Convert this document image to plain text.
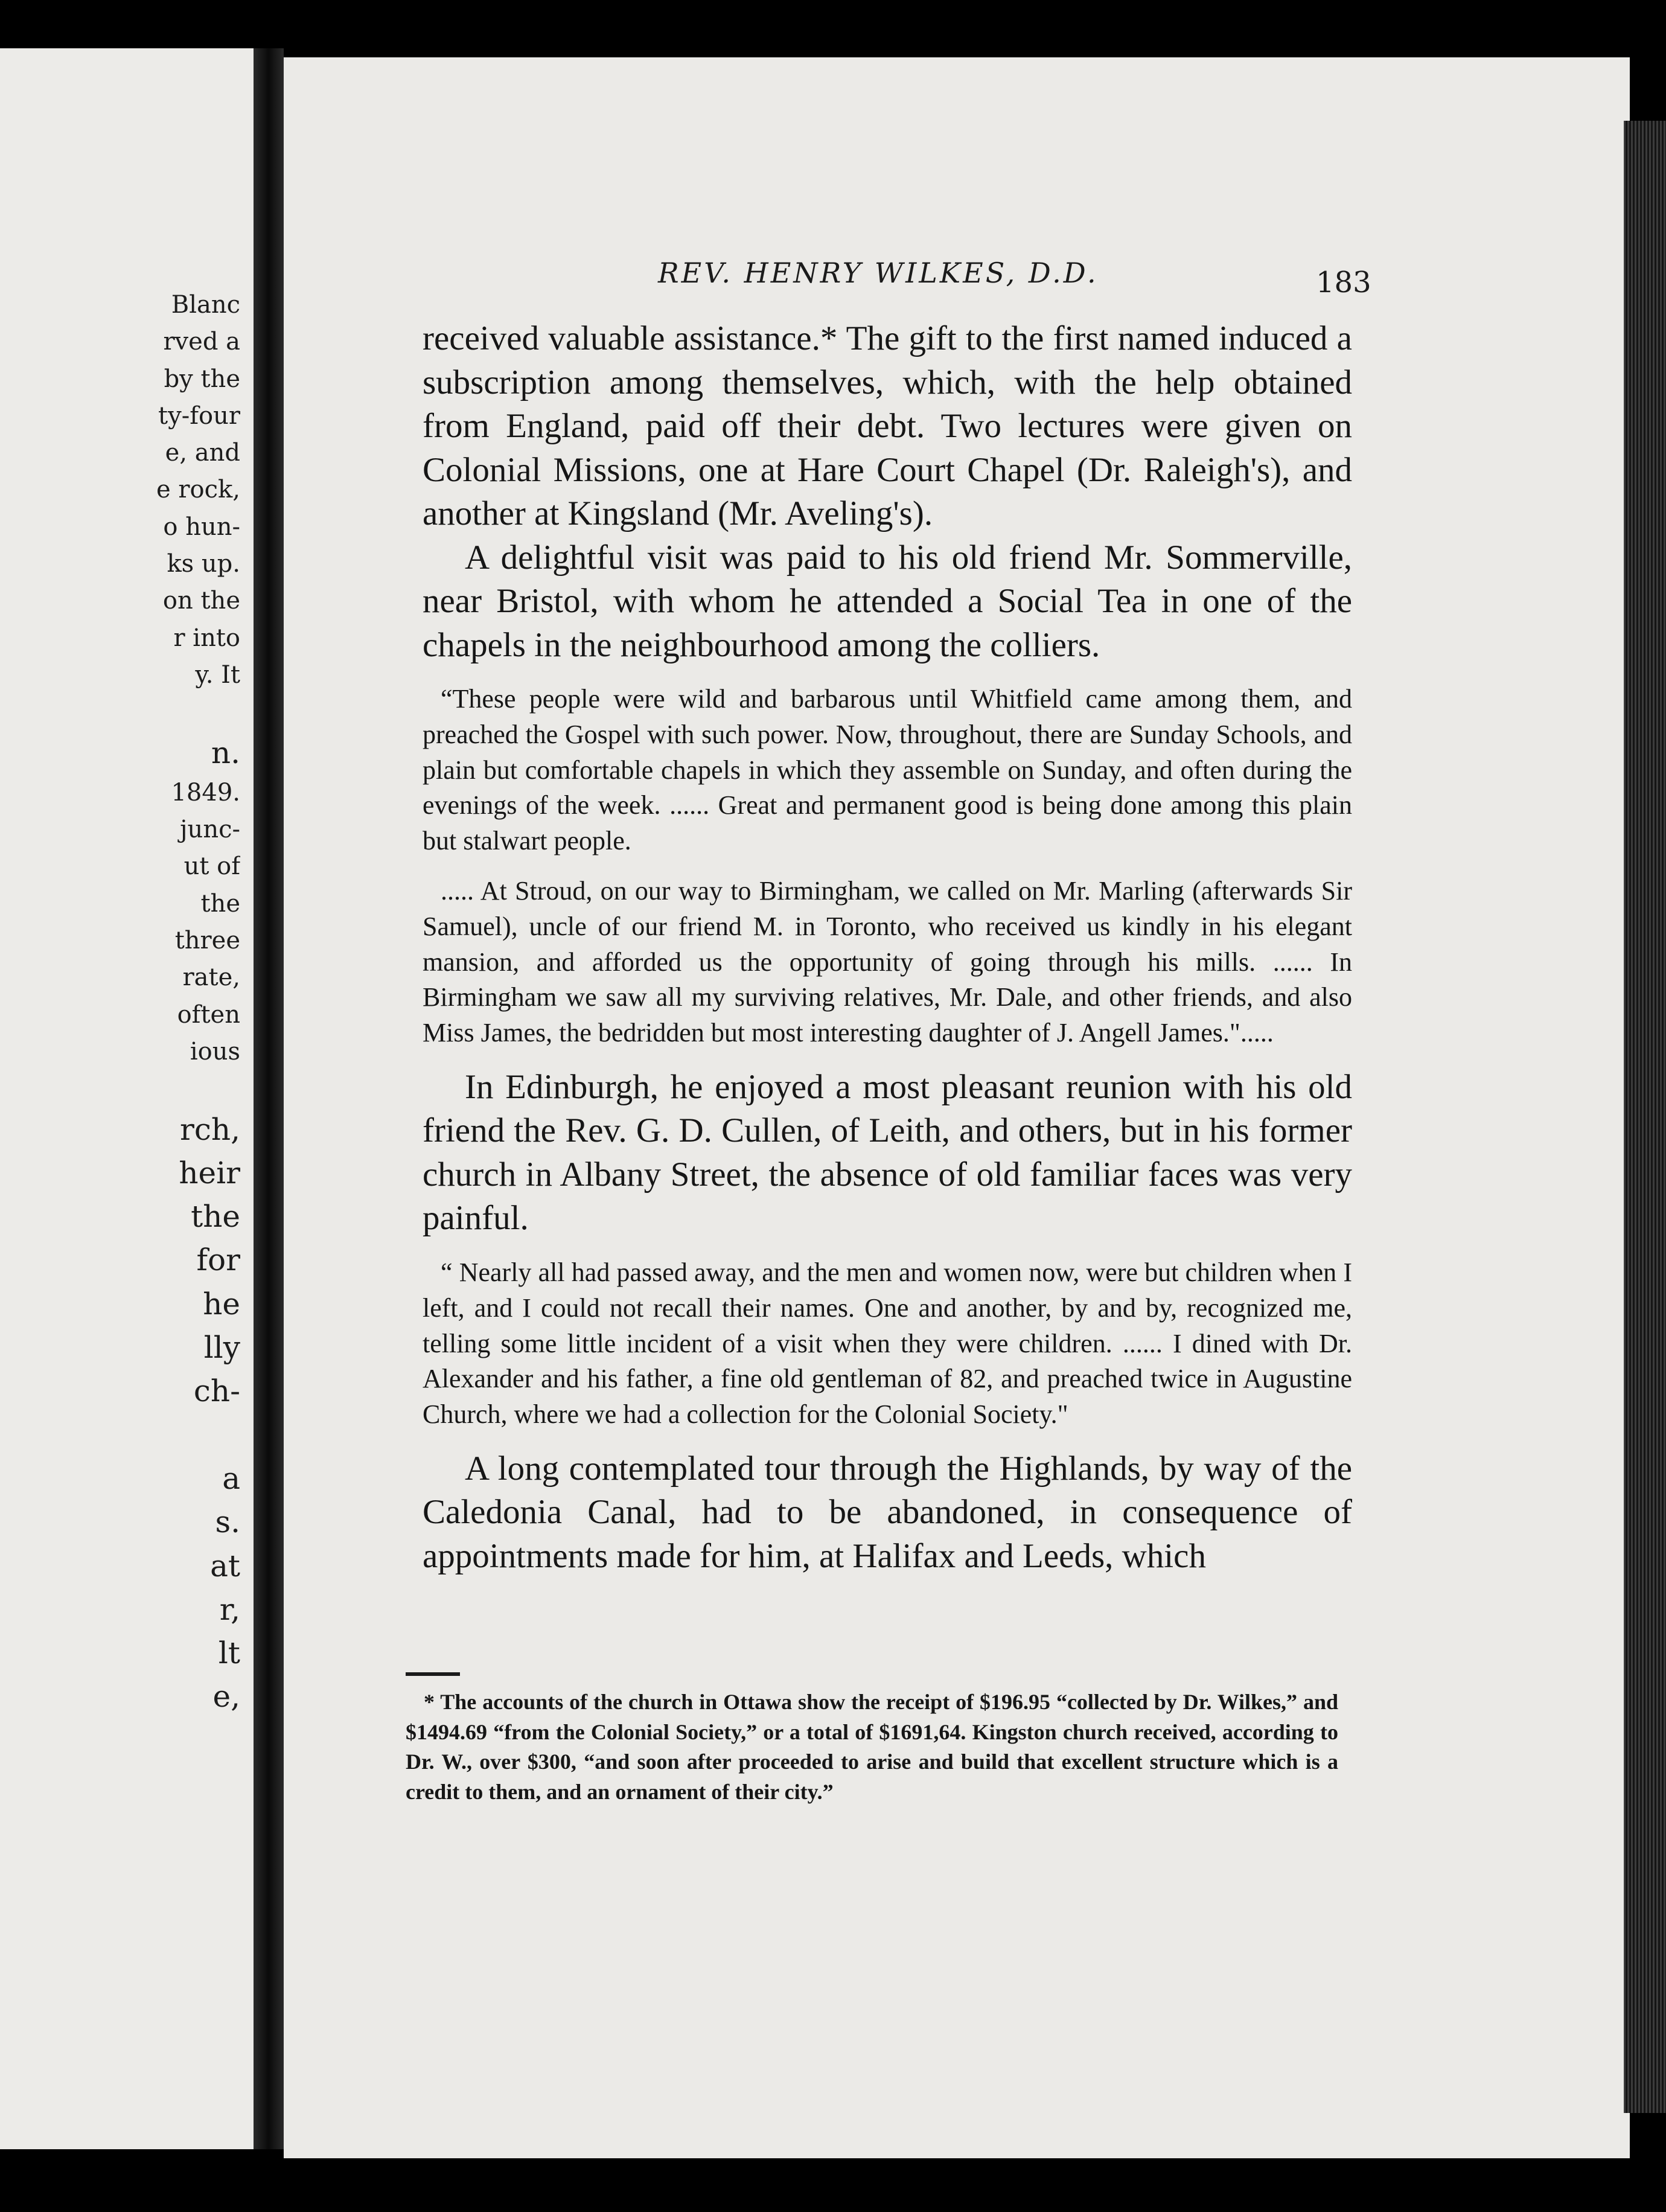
Blanc
rved a
by the
ty-four
e, and
e rock,
o hun-
ks up.
on the
r into
y. It
n.
1849.
junc-
ut of
the
three
rate,
often
ious
rch,
heir
the
for
he
lly
ch-
a
s.
at
r,
lt
e,
REV. HENRY WILKES, D.D.	183

received valuable assistance.* The gift to the first named induced a subscription among themselves, which, with the help obtained from England, paid off their debt. Two lectures were given on Colonial Missions, one at Hare Court Chapel (Dr. Raleigh's), and another at Kingsland (Mr. Aveling's).

A delightful visit was paid to his old friend Mr. Sommerville, near Bristol, with whom he attended a Social Tea in one of the chapels in the neighbourhood among the colliers.

“These people were wild and barbarous until Whitfield came among them, and preached the Gospel with such power. Now, throughout, there are Sunday Schools, and plain but comfortable chapels in which they assemble on Sunday, and often during the evenings of the week. ...... Great and permanent good is being done among this plain but stalwart people.

..... At Stroud, on our way to Birmingham, we called on Mr. Marling (afterwards Sir Samuel), uncle of our friend M. in Toronto, who received us kindly in his elegant mansion, and afforded us the opportunity of going through his mills. ...... In Birmingham we saw all my surviving relatives, Mr. Dale, and other friends, and also Miss James, the bedridden but most interesting daughter of J. Angell James.".....

In Edinburgh, he enjoyed a most pleasant reunion with his old friend the Rev. G. D. Cullen, of Leith, and others, but in his former church in Albany Street, the absence of old familiar faces was very painful.

“ Nearly all had passed away, and the men and women now, were but children when I left, and I could not recall their names. One and another, by and by, recognized me, telling some little incident of a visit when they were children. ...... I dined with Dr. Alexander and his father, a fine old gentleman of 82, and preached twice in Augustine Church, where we had a collection for the Colonial Society."

A long contemplated tour through the Highlands, by way of the Caledonia Canal, had to be abandoned, in consequence of appointments made for him, at Halifax and Leeds, which

* The accounts of the church in Ottawa show the receipt of $196.95 “collected by Dr. Wilkes,” and $1494.69 “from the Colonial Society,” or a total of $1691,64. Kingston church received, according to Dr. W., over $300, “and soon after proceeded to arise and build that excellent structure which is a credit to them, and an ornament of their city.”
